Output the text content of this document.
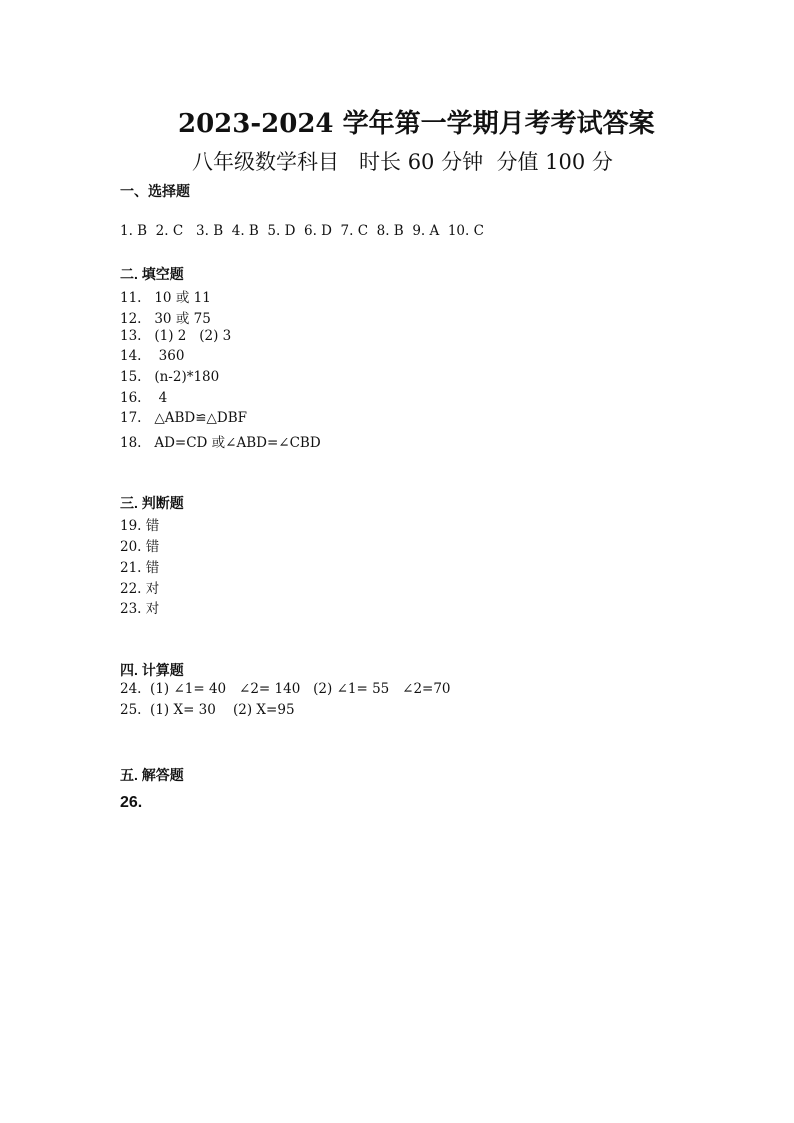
2023-2024 学年第一学期月考考试答案
八年级数学科目   时长 60 分钟  分值 100 分
一、选择题
1. B  2. C   3. B  4. B  5. D  6. D  7. C  8. B  9. A  10. C
二. 填空题
11.   10 或 11
12.   30 或 75
13.   (1) 2   (2) 3
14.    360
15.   (n-2)*180
16.    4
17.   △ABD≌△DBF
18.   AD=CD 或∠ABD=∠CBD
三. 判断题
19. 错
20. 错
21. 错
22. 对
23. 对
四. 计算题
24.  (1) ∠1= 40   ∠2= 140   (2) ∠1= 55   ∠2=70
25.  (1) X= 30    (2) X=95
五. 解答题
26.
